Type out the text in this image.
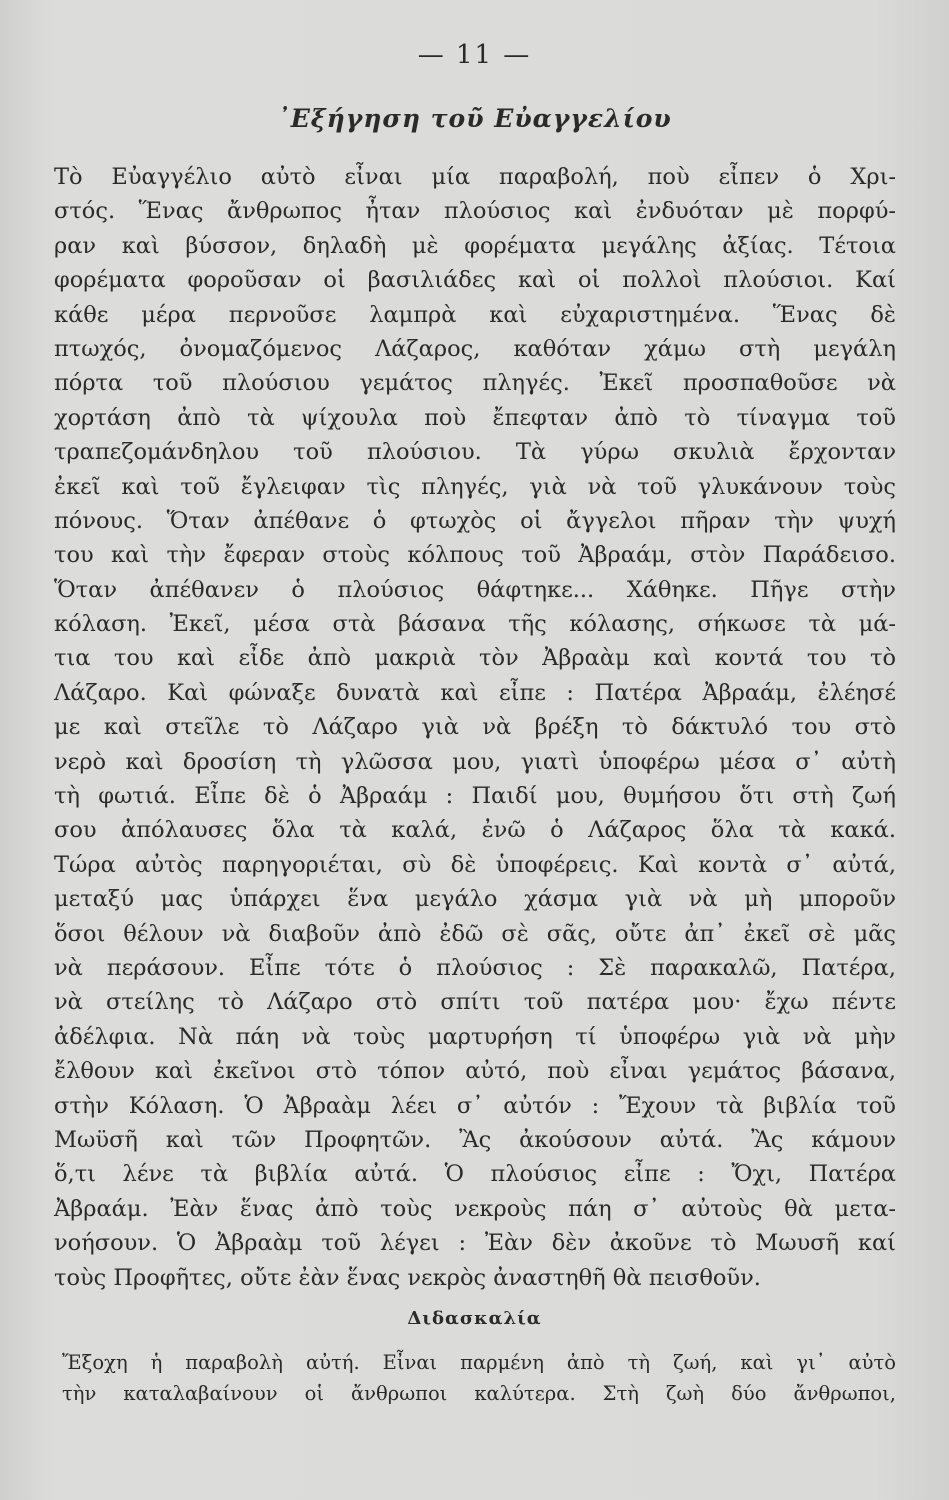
— 11 —
᾿Εξήγηση τοῦ Εὐαγγελίου
Τὸ Εὐαγγέλιο αὐτὸ εἶναι μία παραβολή, ποὺ εἶπεν ὁ Χρι-
στός. Ἕνας ἄνθρωπος ἦταν πλούσιος καὶ ἐνδυόταν μὲ πορφύ-
ραν καὶ βύσσον, δηλαδὴ μὲ φορέματα μεγάλης ἀξίας. Τέτοια
φορέματα φοροῦσαν οἱ βασιλιάδες καὶ οἱ πολλοὶ πλούσιοι. Καί
κάθε μέρα περνοῦσε λαμπρὰ καὶ εὐχαριστημένα. Ἕνας δὲ
πτωχός, ὀνομαζόμενος Λάζαρος, καθόταν χάμω στὴ μεγάλη
πόρτα τοῦ πλούσιου γεμάτος πληγές. Ἐκεῖ προσπαθοῦσε νὰ
χορτάση ἀπὸ τὰ ψίχουλα ποὺ ἔπεφταν ἀπὸ τὸ τίναγμα τοῦ
τραπεζομάνδηλου τοῦ πλούσιου. Τὰ γύρω σκυλιὰ ἔρχονταν
ἐκεῖ καὶ τοῦ ἔγλειφαν τὶς πληγές, γιὰ νὰ τοῦ γλυκάνουν τοὺς
πόνους. Ὅταν ἀπέθανε ὁ φτωχὸς οἱ ἄγγελοι πῆραν τὴν ψυχή
του καὶ τὴν ἔφεραν στοὺς κόλπους τοῦ Ἀβραάμ, στὸν Παράδεισο.
Ὅταν ἀπέθανεν ὁ πλούσιος θάφτηκε... Χάθηκε. Πῆγε στὴν
κόλαση. Ἐκεῖ, μέσα στὰ βάσανα τῆς κόλασης, σήκωσε τὰ μά-
τια του καὶ εἶδε ἀπὸ μακριὰ τὸν Ἀβραὰμ καὶ κοντά του τὸ
Λάζαρο. Καὶ φώναξε δυνατὰ καὶ εἶπε : Πατέρα Ἀβραάμ, ἐλέησέ
με καὶ στεῖλε τὸ Λάζαρο γιὰ νὰ βρέξη τὸ δάκτυλό του στὸ
νερὸ καὶ δροσίση τὴ γλῶσσα μου, γιατὶ ὑποφέρω μέσα σ᾿ αὐτὴ
τὴ φωτιά. Εἶπε δὲ ὁ Ἀβραάμ : Παιδί μου, θυμήσου ὅτι στὴ ζωή
σου ἀπόλαυσες ὅλα τὰ καλά, ἐνῶ ὁ Λάζαρος ὅλα τὰ κακά.
Τώρα αὐτὸς παρηγοριέται, σὺ δὲ ὑποφέρεις. Καὶ κοντὰ σ᾿ αὐτά,
μεταξύ μας ὑπάρχει ἕνα μεγάλο χάσμα γιὰ νὰ μὴ μποροῦν
ὅσοι θέλουν νὰ διαβοῦν ἀπὸ ἐδῶ σὲ σᾶς, οὔτε ἀπ᾿ ἐκεῖ σὲ μᾶς
νὰ περάσουν. Εἶπε τότε ὁ πλούσιος : Σὲ παρακαλῶ, Πατέρα,
νὰ στείλης τὸ Λάζαρο στὸ σπίτι τοῦ πατέρα μου· ἔχω πέντε
ἀδέλφια. Νὰ πάη νὰ τοὺς μαρτυρήση τί ὑποφέρω γιὰ νὰ μὴν
ἔλθουν καὶ ἐκεῖνοι στὸ τόπον αὐτό, ποὺ εἶναι γεμάτος βάσανα,
στὴν Κόλαση. Ὁ Ἀβραὰμ λέει σ᾿ αὐτόν : Ἔχουν τὰ βιβλία τοῦ
Μωϋσῆ καὶ τῶν Προφητῶν. Ἂς ἀκούσουν αὐτά. Ἂς κάμουν
ὅ,τι λένε τὰ βιβλία αὐτά. Ὁ πλούσιος εἶπε : Ὄχι, Πατέρα
Ἀβραάμ. Ἐὰν ἕνας ἀπὸ τοὺς νεκροὺς πάη σ᾿ αὐτοὺς θὰ μετα-
νοήσουν. Ὁ Ἀβραὰμ τοῦ λέγει : Ἐὰν δὲν ἀκοῦνε τὸ Μωυσῆ καί
τοὺς Προφῆτες, οὔτε ἐὰν ἕνας νεκρὸς ἀναστηθῆ θὰ πεισθοῦν.
Διδασκαλία
Ἔξοχη ἡ παραβολὴ αὐτή. Εἶναι παρμένη ἀπὸ τὴ ζωή, καὶ γι᾿ αὐτὸ
τὴν καταλαβαίνουν οἱ ἄνθρωποι καλύτερα. Στὴ ζωὴ δύο ἄνθρωποι,
